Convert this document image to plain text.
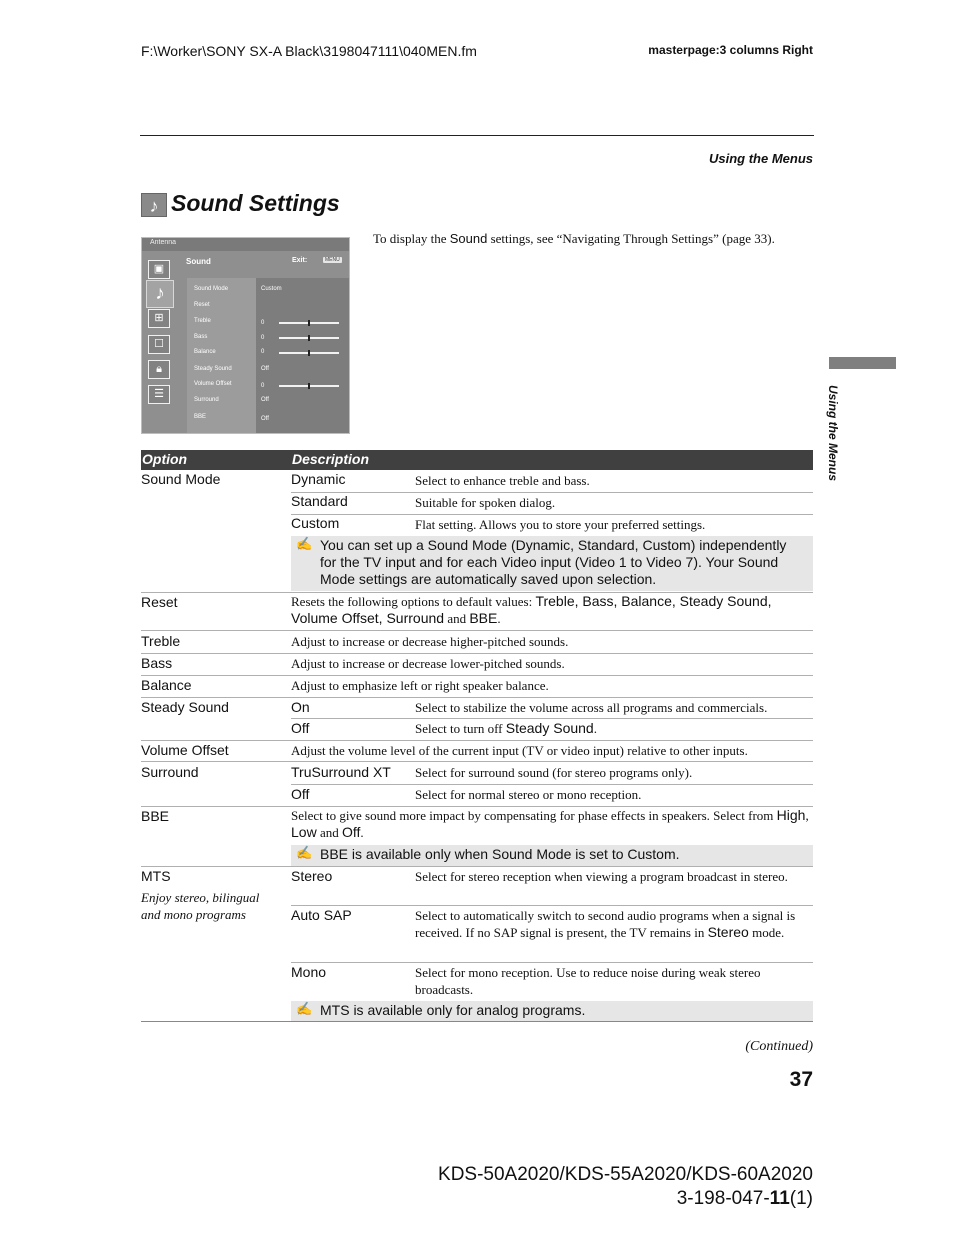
F:\Worker\SONY SX-A Black\3198047111\040MEN.fm	masterpage:3 columns Right
Using the Menus
Using the Menus
♪ Sound Settings
To display the Sound settings, see “Navigating Through Settings” (page 33).
Antenna
Sound	Exit:	MENU
▣
♪
⊞
☐
🔒︎
☰
Sound Mode	Custom
Reset
Treble	0
Bass	0
Balance	0
Steady Sound	Off
Volume Offset	0
Surround	Off
BBE	Off
Option	Description
Sound Mode	Dynamic	Select to enhance treble and bass.
Standard	Suitable for spoken dialog.
Custom	Flat setting. Allows you to store your preferred settings.
✍ You can set up a Sound Mode (Dynamic, Standard, Custom) independently for the TV input and for each Video input (Video 1 to Video 7). Your Sound Mode settings are automatically saved upon selection.
Reset	Resets the following options to default values: Treble, Bass, Balance, Steady Sound, Volume Offset, Surround and BBE.
Treble	Adjust to increase or decrease higher-pitched sounds.
Bass	Adjust to increase or decrease lower-pitched sounds.
Balance	Adjust to emphasize left or right speaker balance.
Steady Sound	On	Select to stabilize the volume across all programs and commercials.
Off	Select to turn off Steady Sound.
Volume Offset	Adjust the volume level of the current input (TV or video input) relative to other inputs.
Surround	TruSurround XT Select for surround sound (for stereo programs only).
Off	Select for normal stereo or mono reception.
BBE	Select to give sound more impact by compensating for phase effects in speakers. Select from High, Low and Off.
✍ BBE is available only when Sound Mode is set to Custom.
MTS
Enjoy stereo, bilingual and mono programs
Stereo	Select for stereo reception when viewing a program broadcast in stereo.
Auto SAP	Select to automatically switch to second audio programs when a signal is received. If no SAP signal is present, the TV remains in Stereo mode.
Mono	Select for mono reception. Use to reduce noise during weak stereo broadcasts.
✍ MTS is available only for analog programs.
(Continued)
37
KDS-50A2020/KDS-55A2020/KDS-60A2020
3-198-047-11(1)
